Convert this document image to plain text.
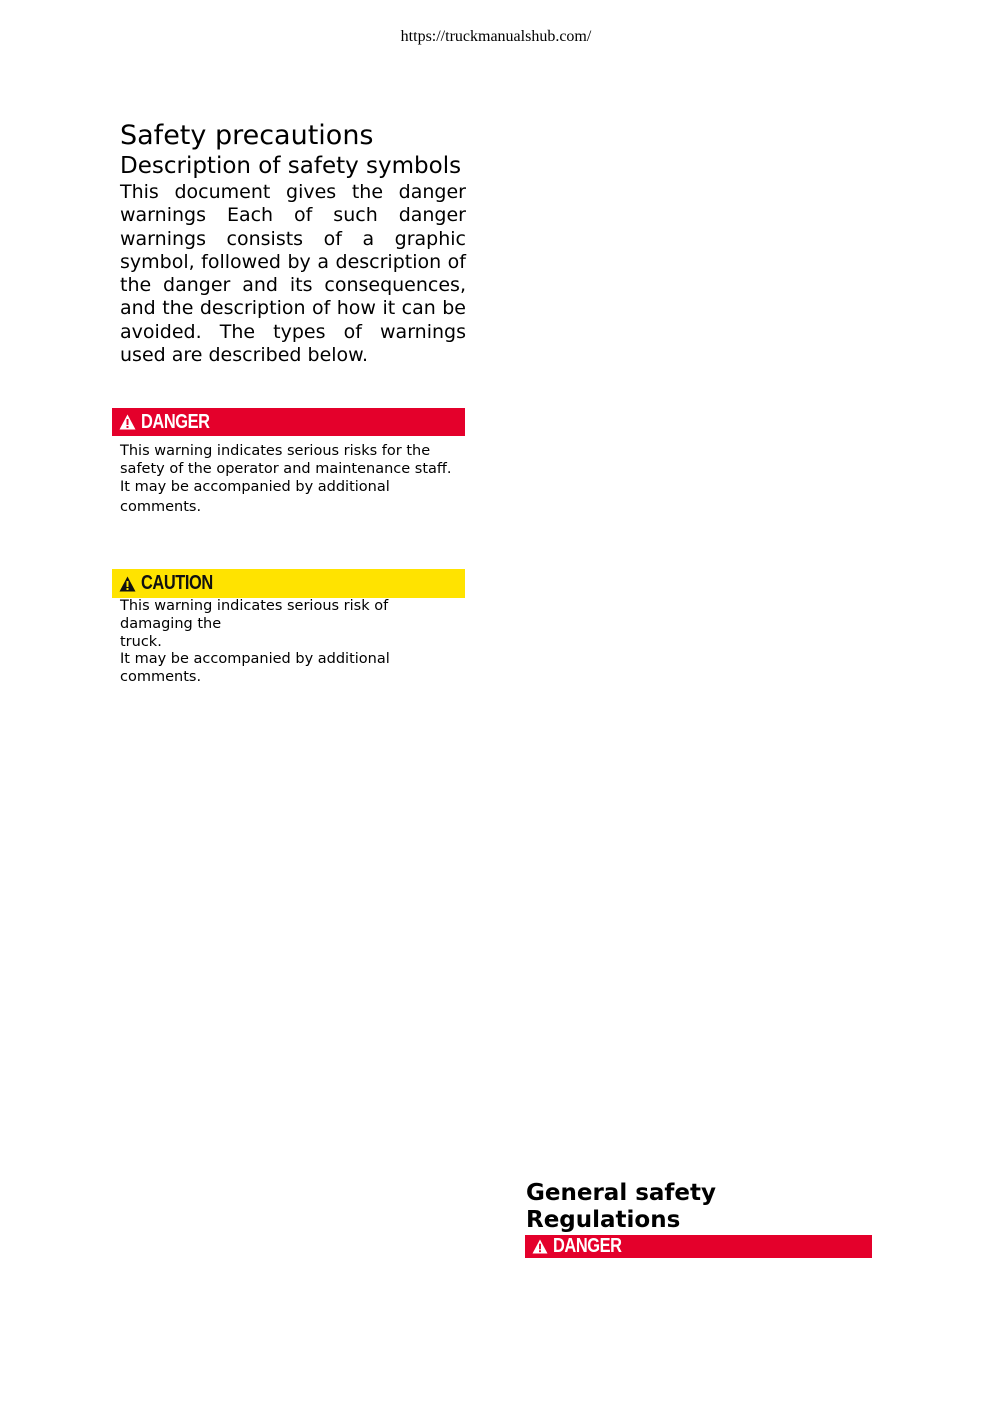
https://truckmanualshub.com/
Safety precautions
Description of safety symbols

This document gives the danger warnings Each of such danger warnings consists of a graphic symbol, followed by a description of the danger and its consequences, and the description of how it can be avoided. The types of warnings used are described below.

DANGER
This warning indicates serious risks for the
safety of the operator and maintenance staff.
It may be accompanied by additional
comments.
CAUTION
This warning indicates serious risk of
damaging the
truck.
It may be accompanied by additional
comments.
General safety
Regulations
DANGER
